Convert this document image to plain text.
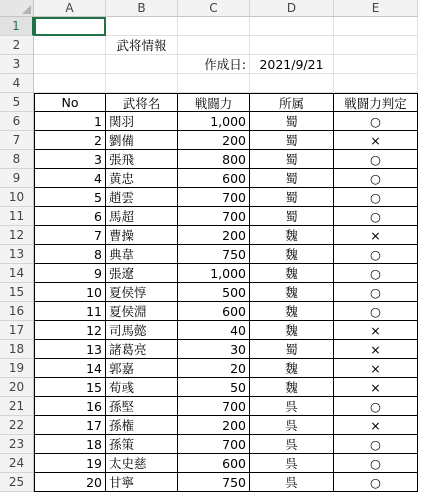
A	B	C	D	E
1
2
3
4
5
6
7
8
9
10
11
12
13
14
15
16
17
18
19
20
21
22
23
24
25
武将情報
作成日:	2021/9/21
No	武将名	戦闘力	所属	戦闘力判定
1 関羽	1,000	蜀	○
2 劉備	200	蜀	×
3 張飛	800	蜀	○
4 黄忠	600	蜀	○
5 趙雲	700	蜀	○
6 馬超	700	蜀	○
7 曹操	200	魏	×
8 典韋	750	魏	○
9 張遼	1,000	魏	○
10 夏侯惇	500	魏	○
11 夏侯淵	600	魏	○
12 司馬懿	40	魏	×
13 諸葛亮	30	蜀	×
14 郭嘉	20	魏	×
15 荀彧	50	魏	×
16 孫堅	700	呉	○
17 孫権	200	呉	×
18 孫策	700	呉	○
19 太史慈	600	呉	○
20 甘寧	750	呉	○
